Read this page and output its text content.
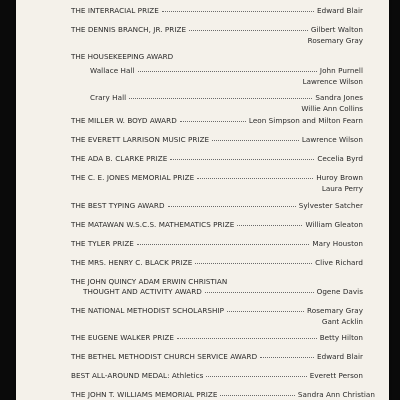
THE INTERRACIAL PRIZE	Edward Blair
THE DENNIS BRANCH, JR. PRIZE	Gilbert Walton
Rosemary Gray
THE HOUSEKEEPING AWARD
Wallace Hall	John Purnell
Lawrence Wilson
Crary Hall	Sandra Jones
Willie Ann Collins
THE MILLER W. BOYD AWARD	Leon Simpson and Milton Fearn
THE EVERETT LARRISON MUSIC PRIZE	Lawrence Wilson
THE ADA B. CLARKE PRIZE	Cecelia Byrd
THE C. E. JONES MEMORIAL PRIZE	Huroy Brown
Laura Perry
THE BEST TYPING AWARD	Sylvester Satcher
THE MATAWAN W.S.C.S. MATHEMATICS PRIZE	William Gleaton
THE TYLER PRIZE	Mary Houston
THE MRS. HENRY C. BLACK PRIZE	Clive Richard
THE JOHN QUINCY ADAM ERWIN CHRISTIAN
THOUGHT AND ACTIVITY AWARD	Ogene Davis
THE NATIONAL METHODIST SCHOLARSHIP	Rosemary Gray
Gant Acklin
THE EUGENE WALKER PRIZE	Betty Hilton
THE BETHEL METHODIST CHURCH SERVICE AWARD	Edward Blair
BEST ALL-AROUND MEDAL: Athletics	Everett Person
THE JOHN T. WILLIAMS MEMORIAL PRIZE	Sandra Ann Christian
